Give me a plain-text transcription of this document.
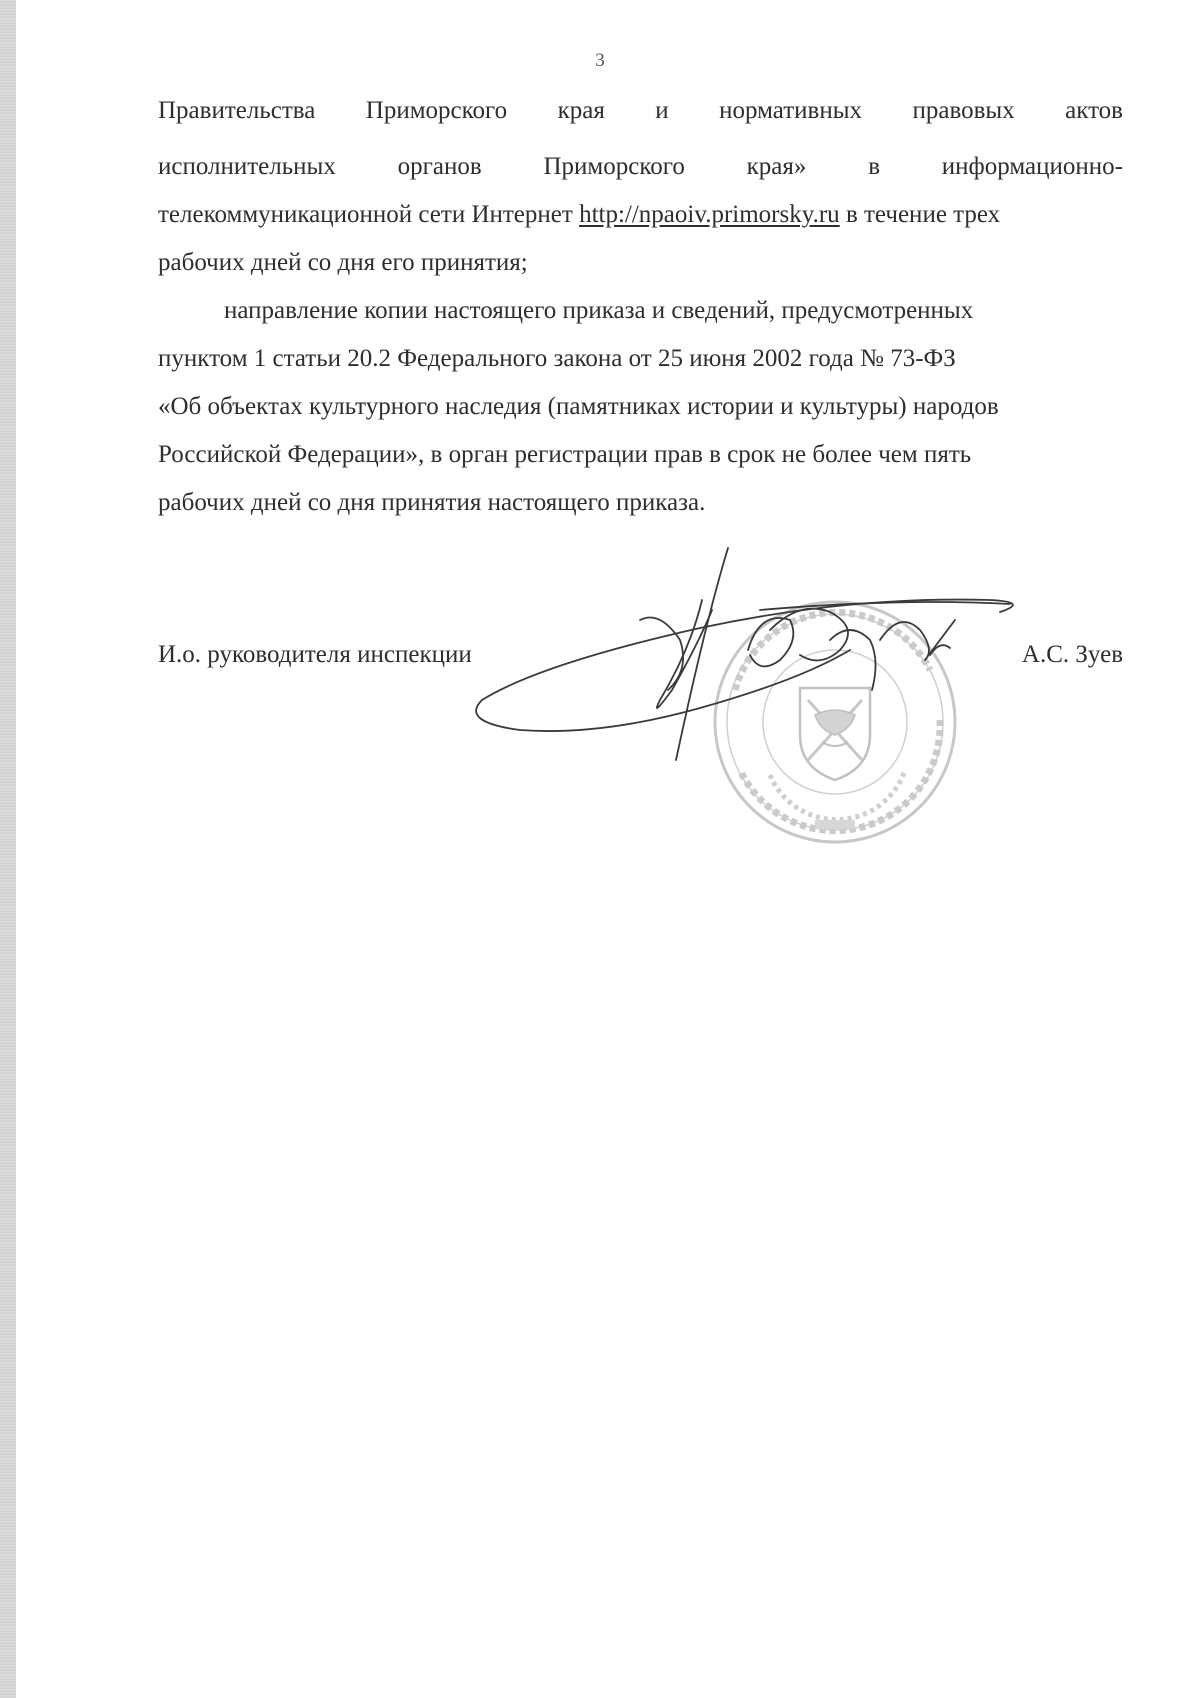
3
Правительства Приморского края и нормативных правовых актов
исполнительных органов Приморского края» в информационно-
телекоммуникационной сети Интернет http://npaoiv.primorsky.ru в течение трех
рабочих дней со дня его принятия;
направление копии настоящего приказа и сведений, предусмотренных
пунктом 1 статьи 20.2 Федерального закона от 25 июня 2002 года № 73-ФЗ
«Об объектах культурного наследия (памятниках истории и культуры) народов
Российской Федерации», в орган регистрации прав в срок не более чем пять
рабочих дней со дня принятия настоящего приказа.
И.о. руководителя инспекции	А.С. Зуев
